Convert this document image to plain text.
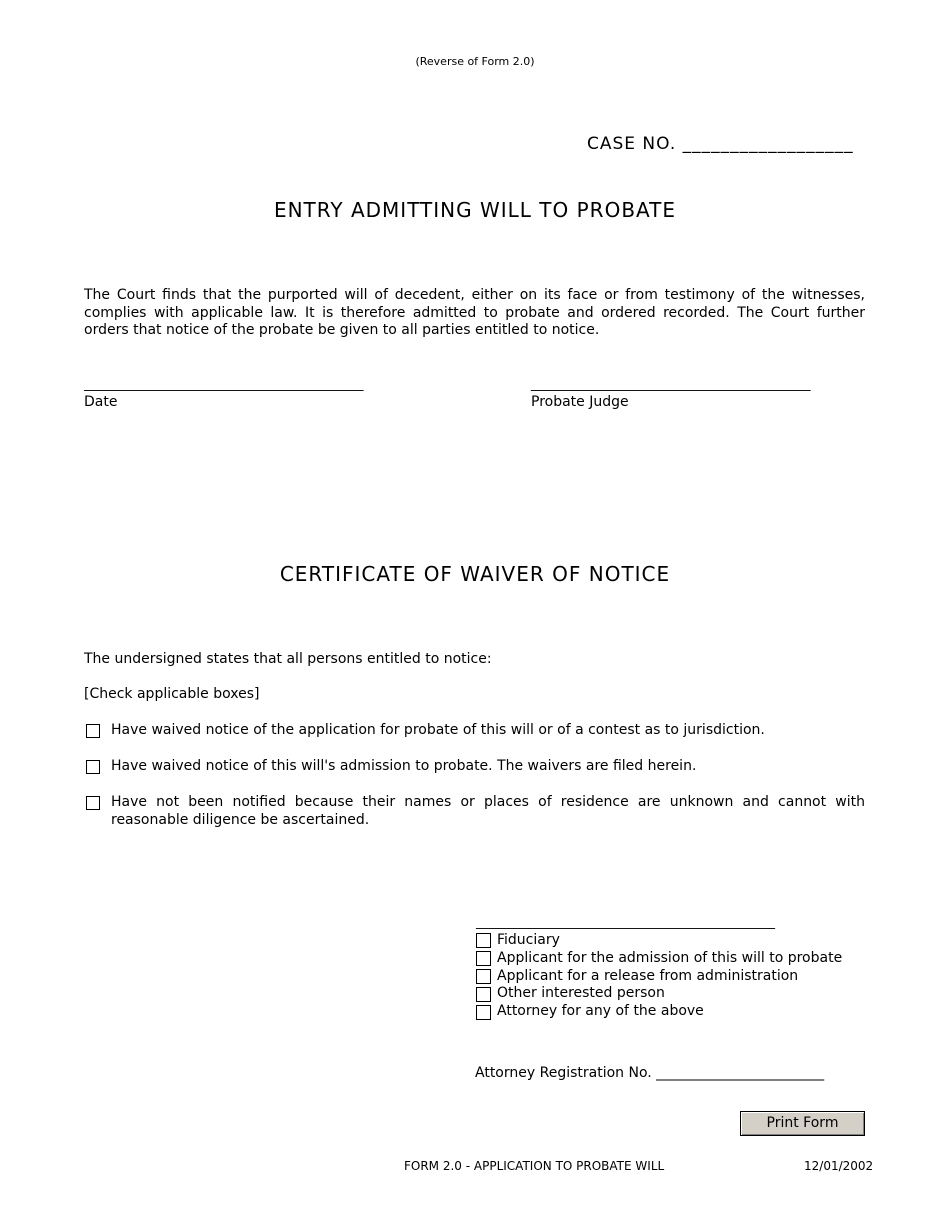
(Reverse of Form 2.0)
CASE NO. __________________
ENTRY ADMITTING WILL TO PROBATE
The Court finds that the purported will of decedent, either on its face or from testimony of the witnesses, complies with applicable law. It is therefore admitted to probate and ordered recorded. The Court further orders that notice of the probate be given to all parties entitled to notice.
___________________________________________
Date
___________________________________________
Probate Judge
CERTIFICATE OF WAIVER OF NOTICE
The undersigned states that all persons entitled to notice:
[Check applicable boxes]
Have waived notice of the application for probate of this will or of a contest as to jurisdiction.
Have waived notice of this will's admission to probate. The waivers are filed herein.
Have not been notified because their names or places of residence are unknown and cannot with reasonable diligence be ascertained.
______________________________________________
Fiduciary
Applicant for the admission of this will to probate
Applicant for a release from administration
Other interested person
Attorney for any of the above
Attorney Registration No. ________________________
Print Form
FORM 2.0 - APPLICATION TO PROBATE WILL	12/01/2002
